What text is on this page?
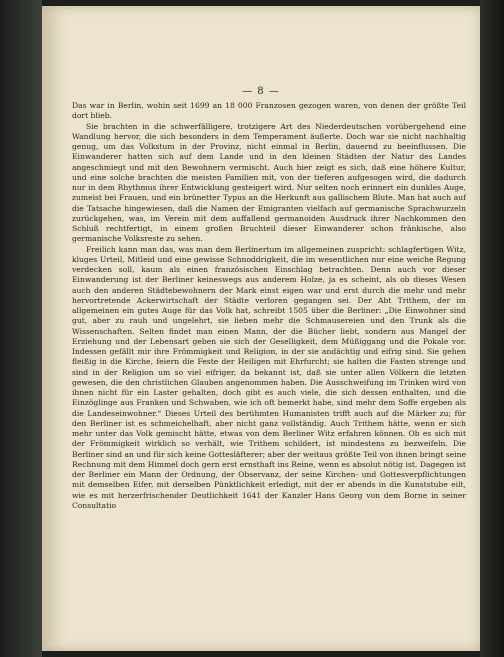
— 8 —

Das war in Berlin, wohin seit 1699 an 18 000 Franzosen gezogen waren, von denen der größte Teil dort blieb.

Sie brachten in die schwerfälligere, trotzigere Art des Niederdeutschen vorübergehend eine Wandlung hervor, die sich besonders in dem Temperament äußerte. Doch war sie nicht nachhaltig genug, um das Volkstum in der Provinz, nicht einmal in Berlin, dauernd zu beeinflussen. Die Einwanderer hatten sich auf dem Lande und in den kleinen Städten der Natur des Landes angeschmiegt und mit den Bewohnern vermischt. Auch hier zeigt es sich, daß eine höhere Kultur, und eine solche brachten die meisten Familien mit, von der tieferen aufgesogen wird, die dadurch nur in dem Rhythmus ihrer Entwicklung gesteigert wird. Nur selten noch erinnert ein dunkles Auge, zumeist bei Frauen, und ein brünetter Typus an die Herkunft aus gallischem Blute. Man hat auch auf die Tatsache hingewiesen, daß die Namen der Emigranten vielfach auf germanische Sprachwurzeln zurückgehen, was, im Verein mit dem auffallend germanoiden Ausdruck ihrer Nachkommen den Schluß rechtfertigt, in einem großen Bruchteil dieser Einwanderer schon fränkische, also germanische Volksreste zu sehen.

Freilich kann man das, was man dem Berlinertum im allgemeinen zuspricht: schlagfertigen Witz, kluges Urteil, Mitleid und eine gewisse Schnoddrigkeit, die im wesentlichen nur eine weiche Regung verdecken soll, kaum als einen französischen Einschlag betrachten. Denn auch vor dieser Einwanderung ist der Berliner keineswegs aus anderem Holze, ja es scheint, als ob dieses Wesen auch den anderen Städtebewohnern der Mark einst eigen war und erst durch die mehr und mehr hervortretende Ackerwirtschaft der Städte verloren gegangen sei. Der Abt Trithem, der im allgemeinen ein gutes Auge für das Volk hat, schreibt 1505 über die Berliner: „Die Einwohner sind gut, aber zu rauh und ungelehrt, sie lieben mehr die Schmausereien und den Trunk als die Wissenschaften. Selten findet man einen Mann, der die Bücher liebt, sondern aus Mangel der Erziehung und der Lebensart geben sie sich der Geselligkeit, dem Müßiggang und die Pokale vor. Indessen gefällt mir ihre Frömmigkeit und Religion, in der sie andächtig und eifrig sind. Sie gehen fleißig in die Kirche, feiern die Feste der Heiligen mit Ehrfurcht; sie halten die Fasten strenge und sind in der Religion um so viel eifriger, da bekannt ist, daß sie unter allen Völkern die letzten gewesen, die den christlichen Glauben angenommen haben. Die Ausschweifung im Trinken wird von ihnen nicht für ein Laster gehalten, doch gibt es auch viele, die sich dessen enthalten, und die Einzöglinge aus Franken und Schwaben, wie ich oft bemerkt habe, sind mehr dem Soffe ergeben als die Landeseinwohner.“ Dieses Urteil des berühmten Humanisten trifft auch auf die Märker zu; für den Berliner ist es schmeichelhaft, aber nicht ganz vollständig. Auch Trithem hätte, wenn er sich mehr unter das Volk gemischt hätte, etwas von dem Berliner Witz erfahren können. Ob es sich mit der Frömmigkeit wirklich so verhält, wie Trithem schildert, ist mindestens zu bezweifeln. Die Berliner sind an und für sich keine Gottesläfterer; aber der weitaus größte Teil von ihnen bringt seine Rechnung mit dem Himmel doch gern erst ernsthaft ins Reine, wenn es absolut nötig ist. Dagegen ist der Berliner ein Mann der Ordnung, der Observanz, der seine Kirchen- und Gottesverpflichtungen mit demselben Eifer, mit derselben Pünktlichkeit erledigt, mit der er abends in die Kunststube eilt, wie es mit herzerfrischender Deutlichkeit 1641 der Kanzler Hans Georg von dem Borne in seiner Consultatio
